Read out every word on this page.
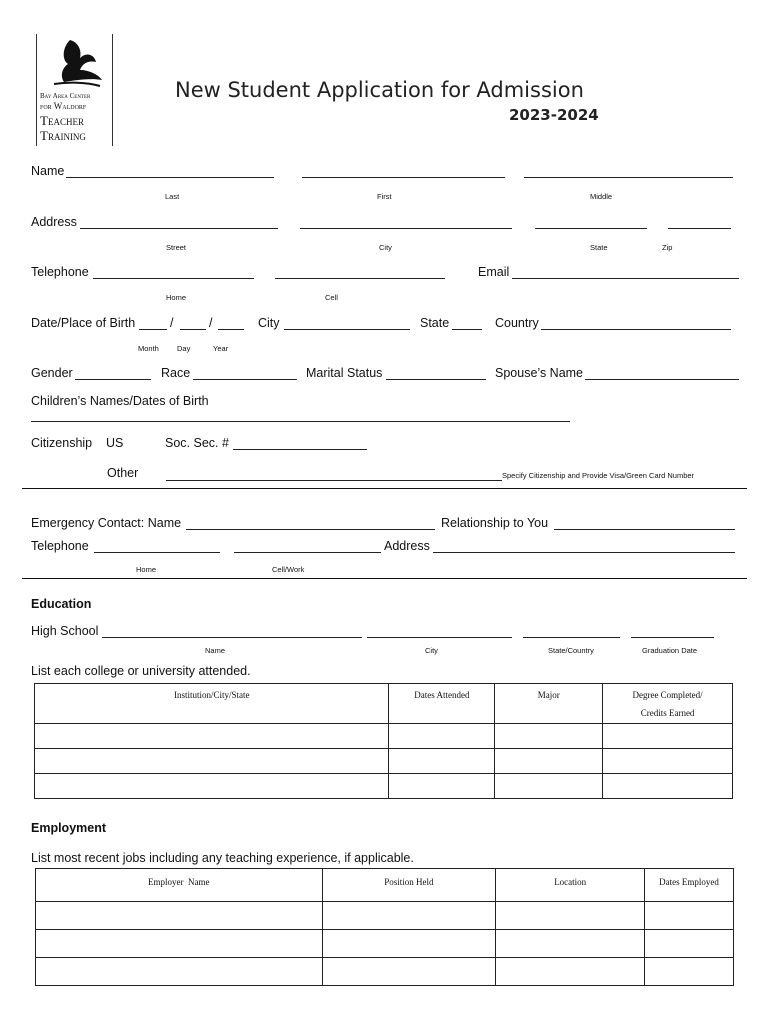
Bay Area Center
for Waldorf
Teacher
Training
New Student Application for Admission
2023-2024
Name
Last	First	Middle
Address
Street	City	State	Zip
Telephone	Email
Home	Cell
Date/Place of Birth	/	/	City	State	Country
Month Day	Year
Gender	Race	Marital Status	Spouse’s Name
Children’s Names/Dates of Birth
Citizenship US	Soc. Sec. #
Other	Specify Citizenship and Provide Visa/Green Card Number
Emergency Contact: Name	Relationship to You
Telephone	Address
Home	Cell/Work
Education
High School
Name	City	State/Country	Graduation Date
List each college or university attended.
Institution/City/State	Dates Attended	Major	Degree Completed/
Credits Earned

Employment
List most recent jobs including any teaching experience, if applicable.
Employer  Name	Position Held	Location	Dates Employed
